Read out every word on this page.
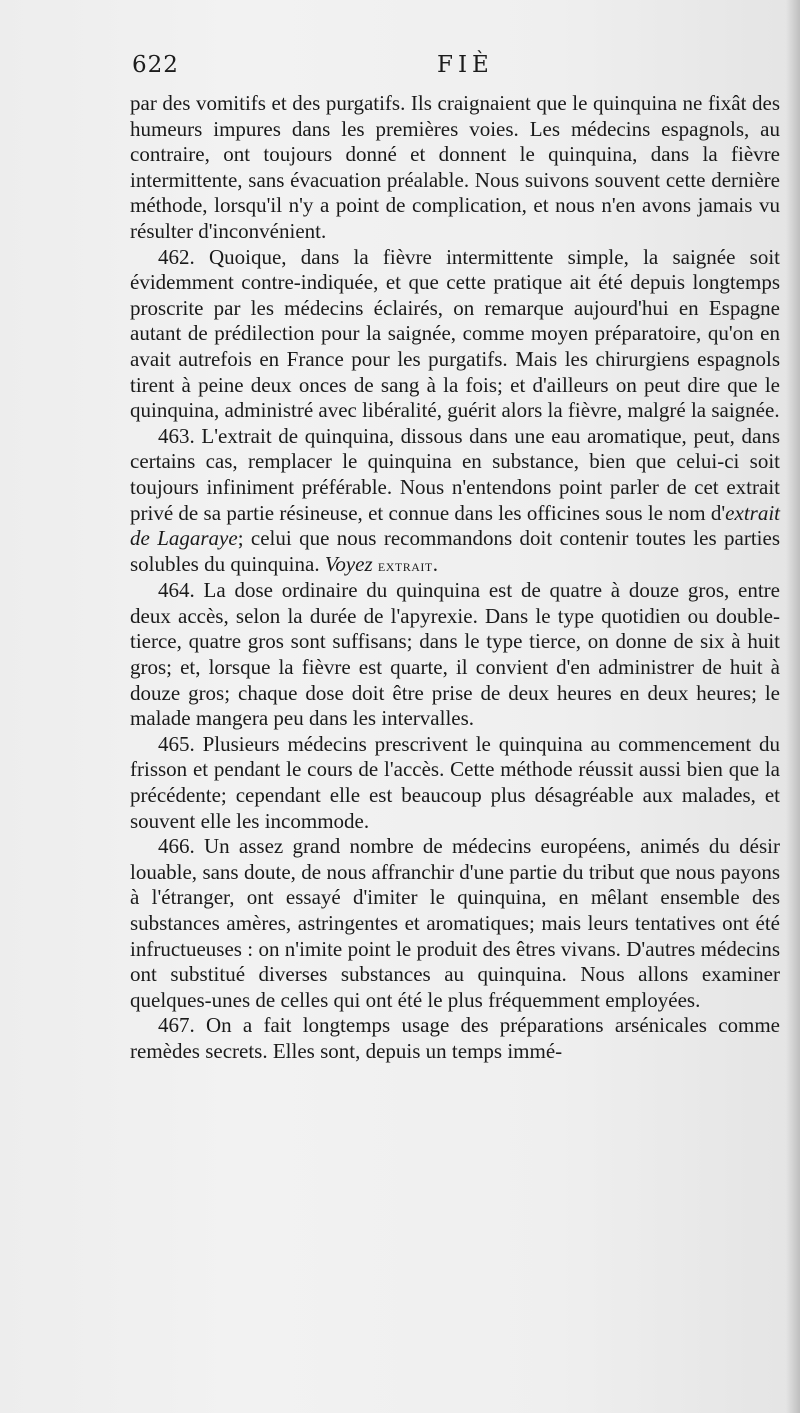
622	FIÈ

par des vomitifs et des purgatifs. Ils craignaient que le quinquina ne fixât des humeurs impures dans les premières voies. Les médecins espagnols, au contraire, ont toujours donné et donnent le quinquina, dans la fièvre intermittente, sans évacuation préalable. Nous suivons souvent cette dernière méthode, lorsqu'il n'y a point de complication, et nous n'en avons jamais vu résulter d'inconvénient.

462. Quoique, dans la fièvre intermittente simple, la saignée soit évidemment contre-indiquée, et que cette pratique ait été depuis longtemps proscrite par les médecins éclairés, on remarque aujourd'hui en Espagne autant de prédilection pour la saignée, comme moyen préparatoire, qu'on en avait autrefois en France pour les purgatifs. Mais les chirurgiens espagnols tirent à peine deux onces de sang à la fois; et d'ailleurs on peut dire que le quinquina, administré avec libéralité, guérit alors la fièvre, malgré la saignée.

463. L'extrait de quinquina, dissous dans une eau aromatique, peut, dans certains cas, remplacer le quinquina en substance, bien que celui-ci soit toujours infiniment préférable. Nous n'entendons point parler de cet extrait privé de sa partie résineuse, et connue dans les officines sous le nom d'extrait de Lagaraye; celui que nous recommandons doit contenir toutes les parties solubles du quinquina. Voyez extrait.

464. La dose ordinaire du quinquina est de quatre à douze gros, entre deux accès, selon la durée de l'apyrexie. Dans le type quotidien ou double-tierce, quatre gros sont suffisans; dans le type tierce, on donne de six à huit gros; et, lorsque la fièvre est quarte, il convient d'en administrer de huit à douze gros; chaque dose doit être prise de deux heures en deux heures; le malade mangera peu dans les intervalles.

465. Plusieurs médecins prescrivent le quinquina au commencement du frisson et pendant le cours de l'accès. Cette méthode réussit aussi bien que la précédente; cependant elle est beaucoup plus désagréable aux malades, et souvent elle les incommode.

466. Un assez grand nombre de médecins européens, animés du désir louable, sans doute, de nous affranchir d'une partie du tribut que nous payons à l'étranger, ont essayé d'imiter le quinquina, en mêlant ensemble des substances amères, astringentes et aromatiques; mais leurs tentatives ont été infructueuses : on n'imite point le produit des êtres vivans. D'autres médecins ont substitué diverses substances au quinquina. Nous allons examiner quelques-unes de celles qui ont été le plus fréquemment employées.

467. On a fait longtemps usage des préparations arsénicales comme remèdes secrets. Elles sont, depuis un temps immé-
